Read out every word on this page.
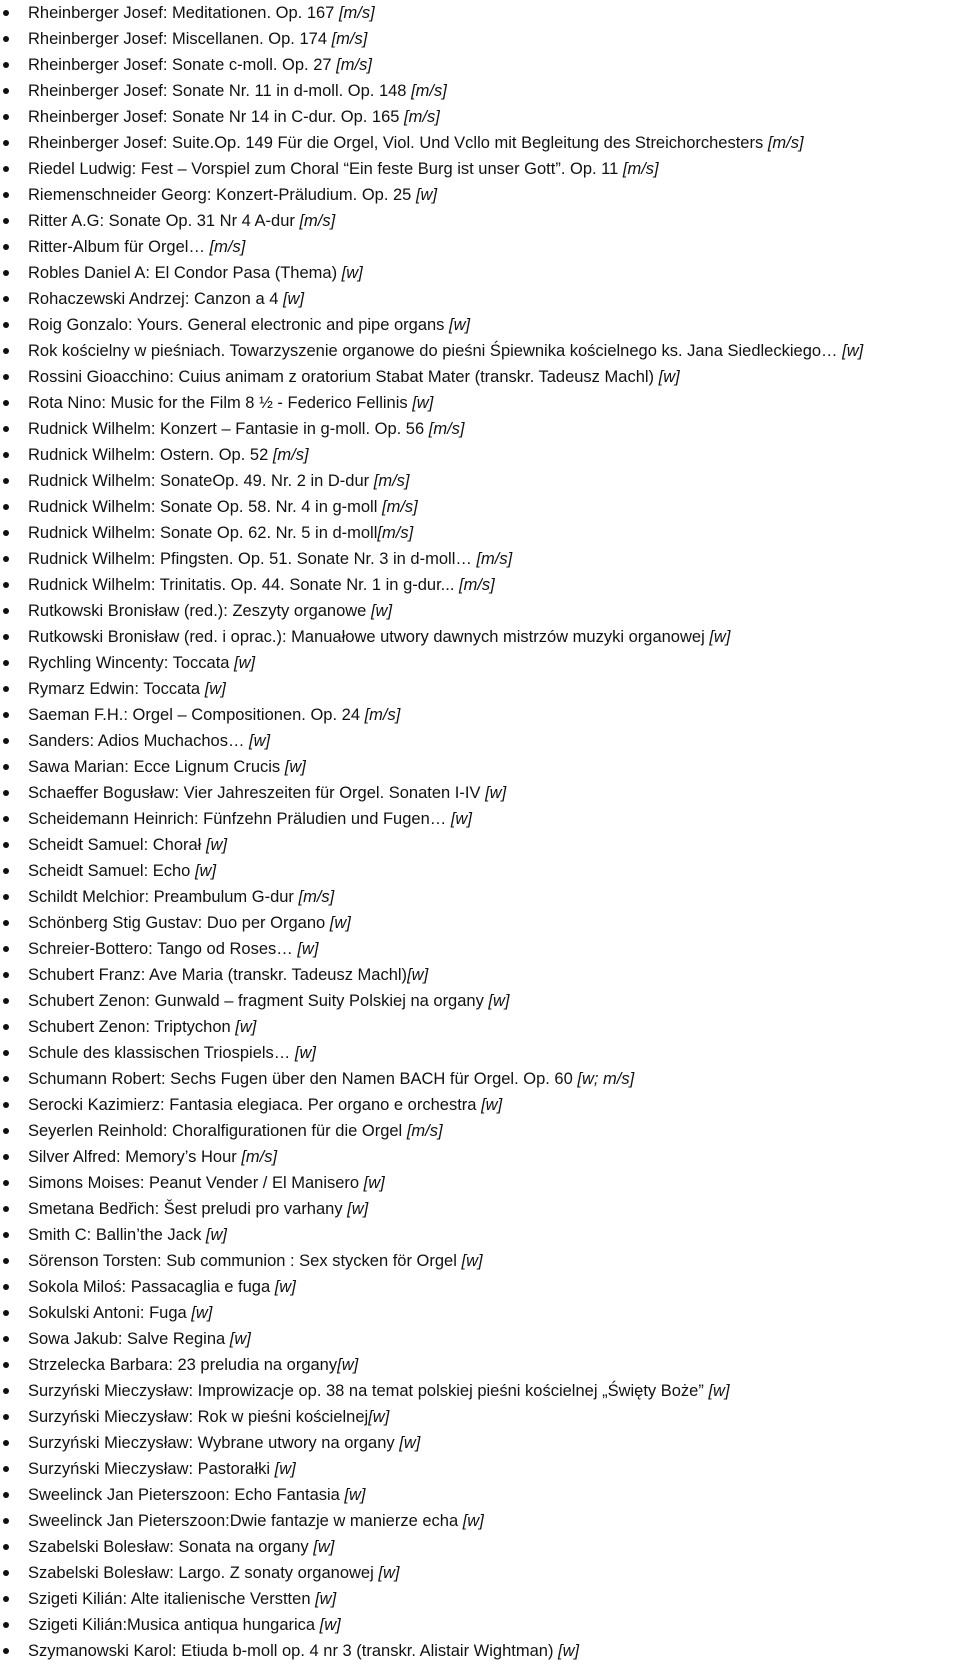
Rheinberger Josef: Meditationen. Op. 167 [m/s]
Rheinberger Josef: Miscellanen. Op. 174 [m/s]
Rheinberger Josef: Sonate c-moll. Op. 27 [m/s]
Rheinberger Josef: Sonate Nr. 11 in d-moll. Op. 148 [m/s]
Rheinberger Josef: Sonate Nr 14 in C-dur. Op. 165 [m/s]
Rheinberger Josef: Suite.Op. 149 Für die Orgel, Viol. Und Vcllo mit Begleitung des Streichorchesters [m/s]
Riedel Ludwig: Fest – Vorspiel zum Choral “Ein feste Burg ist unser Gott”. Op. 11 [m/s]
Riemenschneider Georg: Konzert-Präludium. Op. 25 [w]
Ritter A.G: Sonate Op. 31 Nr 4 A-dur [m/s]
Ritter-Album für Orgel… [m/s]
Robles Daniel A: El Condor Pasa (Thema) [w]
Rohaczewski Andrzej: Canzon a 4 [w]
Roig Gonzalo: Yours. General electronic and pipe organs [w]
Rok kościelny w pieśniach. Towarzyszenie organowe do pieśni Śpiewnika kościelnego ks. Jana Siedleckiego… [w]
Rossini Gioacchino: Cuius animam z oratorium Stabat Mater (transkr. Tadeusz Machl) [w]
Rota Nino: Music for the Film 8 ½ - Federico Fellinis [w]
Rudnick Wilhelm: Konzert – Fantasie in g-moll. Op. 56 [m/s]
Rudnick Wilhelm: Ostern. Op. 52 [m/s]
Rudnick Wilhelm: SonateOp. 49. Nr. 2 in D-dur [m/s]
Rudnick Wilhelm: Sonate Op. 58. Nr. 4 in g-moll [m/s]
Rudnick Wilhelm: Sonate Op. 62. Nr. 5 in d-moll[m/s]
Rudnick Wilhelm: Pfingsten. Op. 51. Sonate Nr. 3 in d-moll… [m/s]
Rudnick Wilhelm: Trinitatis. Op. 44. Sonate Nr. 1 in g-dur... [m/s]
Rutkowski Bronisław (red.): Zeszyty organowe [w]
Rutkowski Bronisław (red. i oprac.): Manuałowe utwory dawnych mistrzów muzyki organowej [w]
Rychling Wincenty: Toccata [w]
Rymarz Edwin: Toccata [w]
Saeman F.H.: Orgel – Compositionen. Op. 24 [m/s]
Sanders: Adios Muchachos… [w]
Sawa Marian: Ecce Lignum Crucis [w]
Schaeffer Bogusław: Vier Jahreszeiten für Orgel. Sonaten I-IV [w]
Scheidemann Heinrich: Fünfzehn Präludien und Fugen… [w]
Scheidt Samuel: Chorał [w]
Scheidt Samuel: Echo [w]
Schildt Melchior: Preambulum G-dur [m/s]
Schönberg Stig Gustav: Duo per Organo [w]
Schreier-Bottero: Tango od Roses… [w]
Schubert Franz: Ave Maria (transkr. Tadeusz Machl)[w]
Schubert Zenon: Gunwald – fragment Suity Polskiej na organy [w]
Schubert Zenon: Triptychon [w]
Schule des klassischen Triospiels… [w]
Schumann Robert: Sechs Fugen über den Namen BACH für Orgel. Op. 60 [w; m/s]
Serocki Kazimierz: Fantasia elegiaca. Per organo e orchestra [w]
Seyerlen Reinhold: Choralfigurationen für die Orgel [m/s]
Silver Alfred: Memory’s Hour [m/s]
Simons Moises: Peanut Vender / El Manisero [w]
Smetana Bedřich: Šest preludi pro varhany [w]
Smith C: Ballin’the Jack [w]
Sörenson Torsten: Sub communion : Sex stycken för Orgel [w]
Sokola Miloś: Passacaglia e fuga [w]
Sokulski Antoni: Fuga [w]
Sowa Jakub: Salve Regina [w]
Strzelecka Barbara: 23 preludia na organy[w]
Surzyński Mieczysław: Improwizacje op. 38 na temat polskiej pieśni kościelnej „Święty Boże” [w]
Surzyński Mieczysław: Rok w pieśni kościelnej[w]
Surzyński Mieczysław: Wybrane utwory na organy [w]
Surzyński Mieczysław: Pastorałki [w]
Sweelinck Jan Pieterszoon: Echo Fantasia [w]
Sweelinck Jan Pieterszoon:Dwie fantazje w manierze echa [w]
Szabelski Bolesław: Sonata na organy [w]
Szabelski Bolesław: Largo. Z sonaty organowej [w]
Szigeti Kilián: Alte italienische Verstten [w]
Szigeti Kilián:Musica antiqua hungarica [w]
Szymanowski Karol: Etiuda b-moll op. 4 nr 3 (transkr. Alistair Wightman) [w]
